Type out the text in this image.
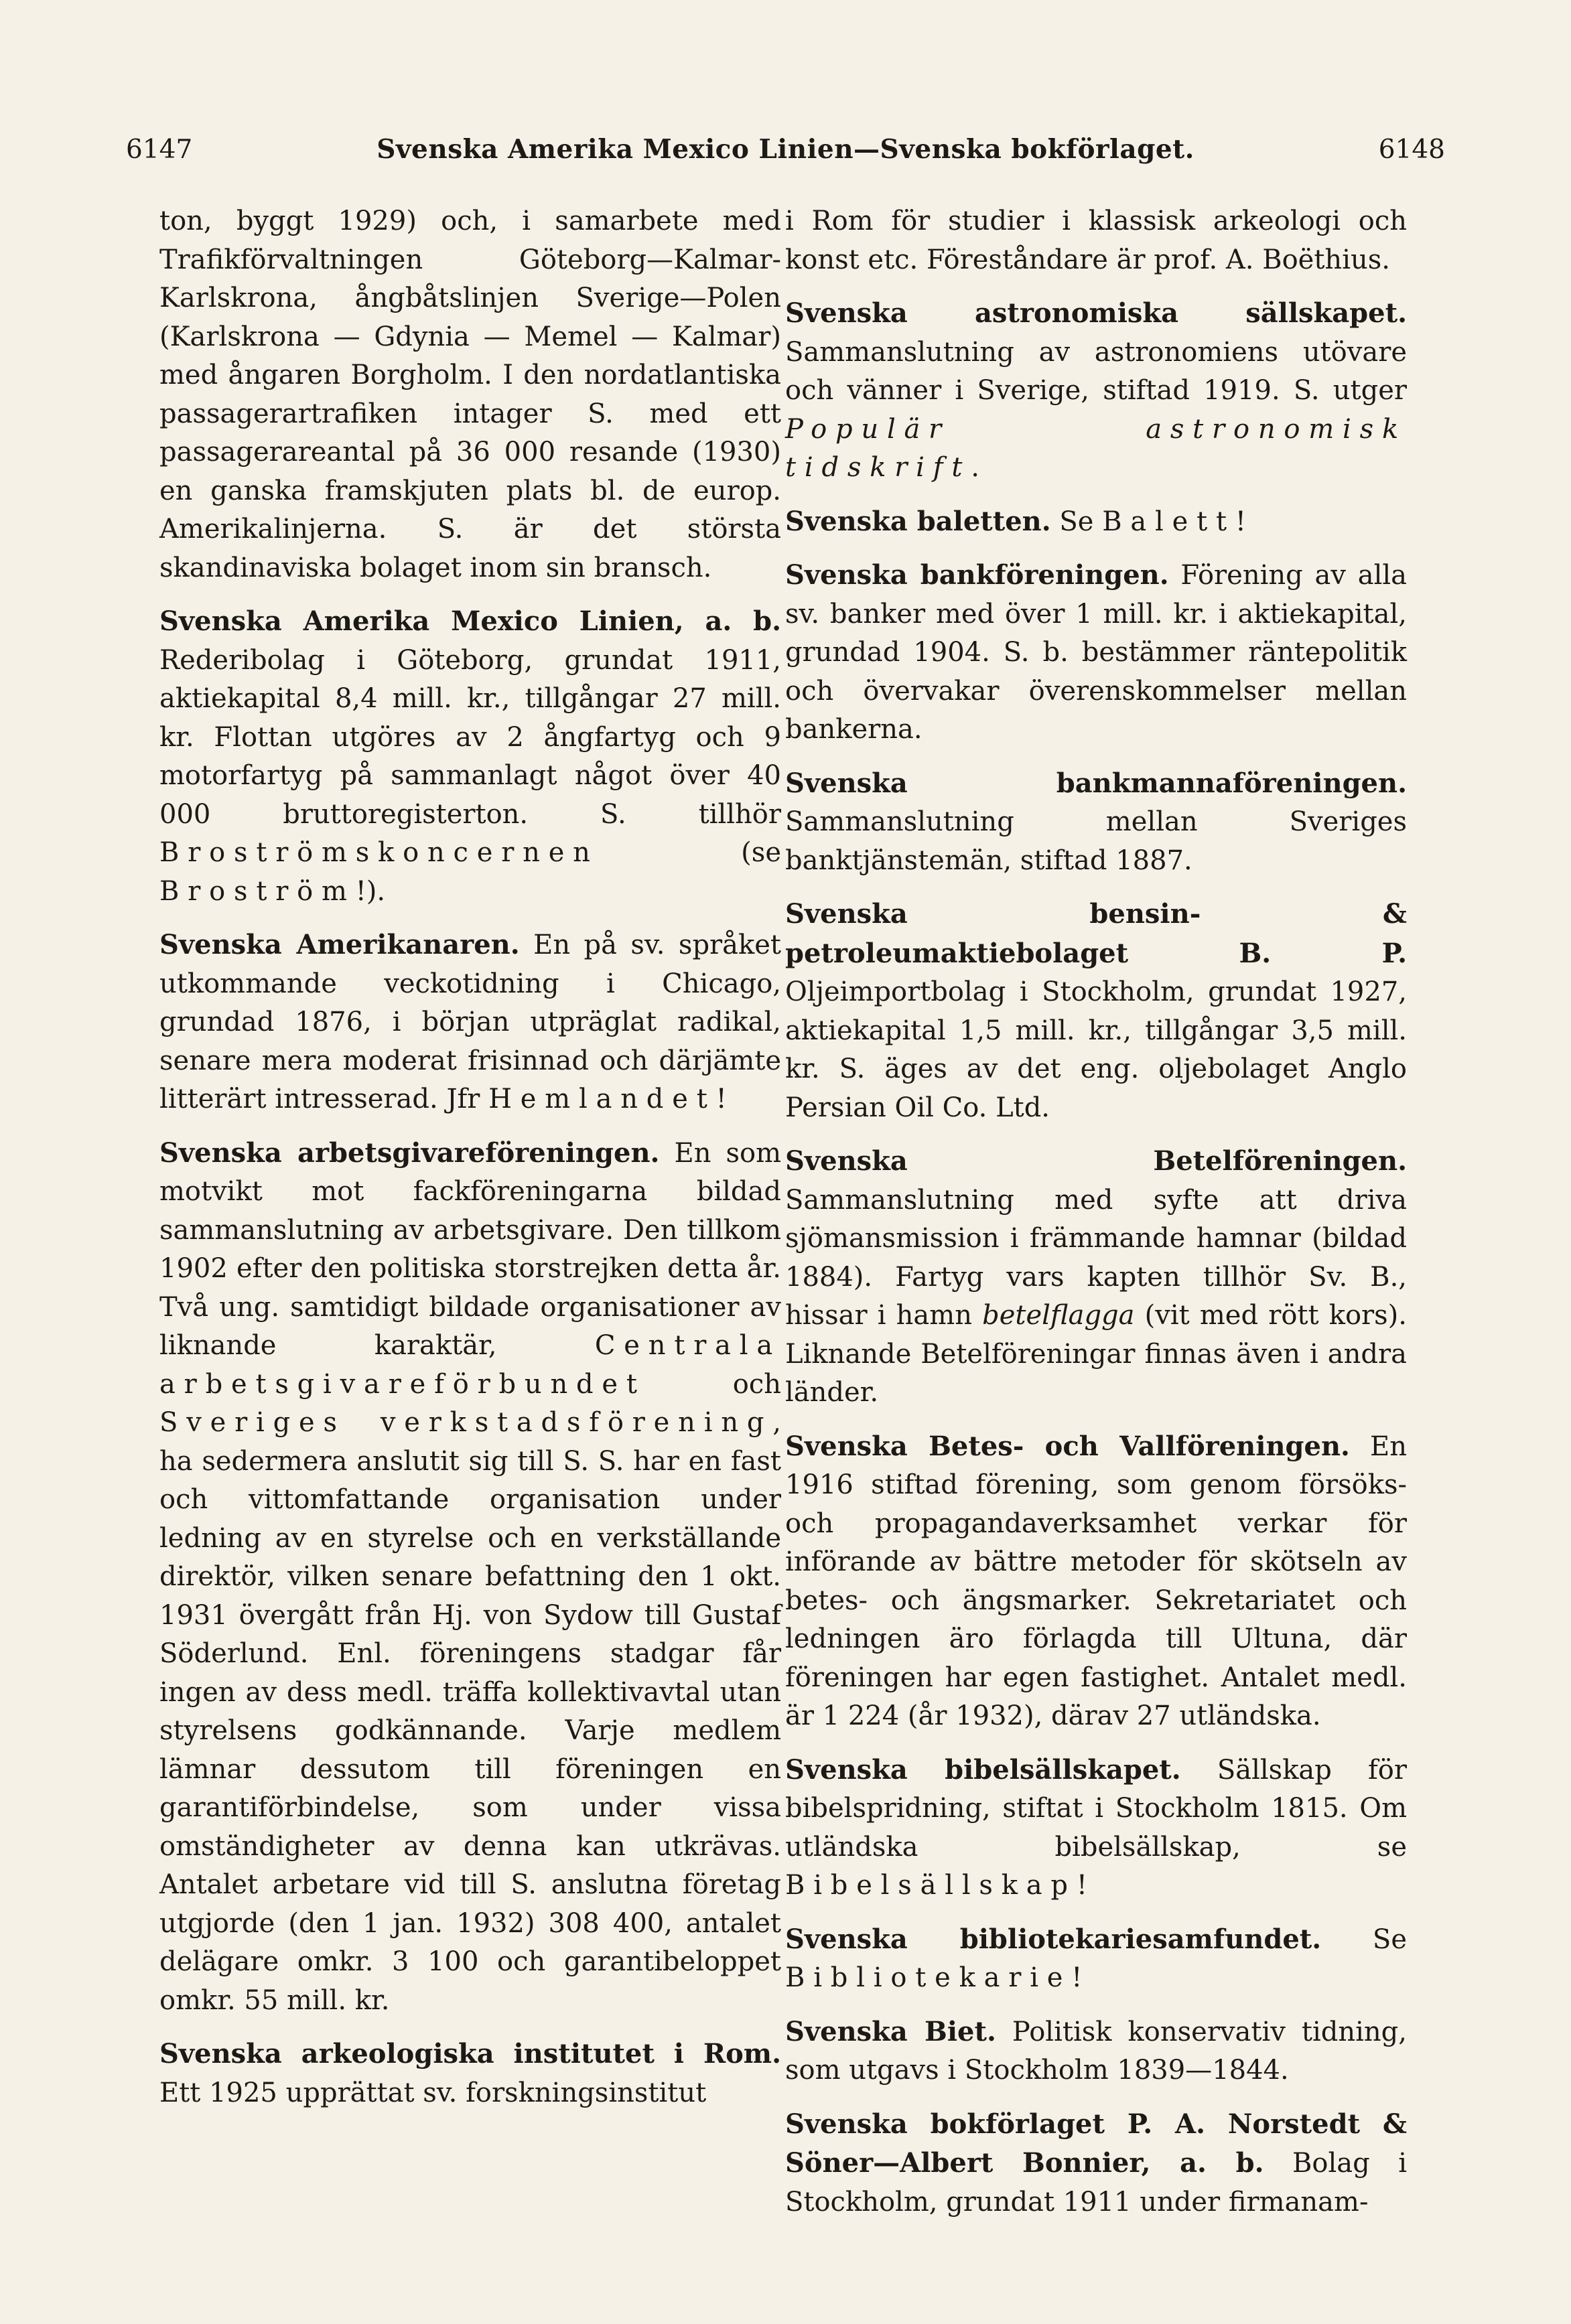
6147	Svenska Amerika Mexico Linien—Svenska bokförlaget.	6148

ton, byggt 1929) och, i samarbete med Trafikförvaltningen Göteborg—Kalmar-Karlskrona, ångbåtslinjen Sverige—Polen (Karlskrona — Gdynia — Memel — Kalmar) med ångaren Borgholm. I den nordatlantiska passagerartrafiken intager S. med ett passagerareantal på 36 000 resande (1930) en ganska framskjuten plats bl. de europ. Amerikalinjerna. S. är det största skandinaviska bolaget inom sin bransch.

Svenska Amerika Mexico Linien, a. b. Rederibolag i Göteborg, grundat 1911, aktiekapital 8,4 mill. kr., tillgångar 27 mill. kr. Flottan utgöres av 2 ångfartyg och 9 motorfartyg på sammanlagt något över 40 000 bruttoregisterton. S. tillhör Broströmskoncernen (se Broström!).

Svenska Amerikanaren. En på sv. språket utkommande veckotidning i Chicago, grundad 1876, i början utpräglat radikal, senare mera moderat frisinnad och därjämte litterärt intresserad. Jfr Hemlandet!

Svenska arbetsgivareföreningen. En som motvikt mot fackföreningarna bildad sammanslutning av arbetsgivare. Den tillkom 1902 efter den politiska storstrejken detta år. Två ung. samtidigt bildade organisationer av liknande karaktär, Centrala arbetsgivareförbundet och Sveriges verkstadsförening, ha sedermera anslutit sig till S. S. har en fast och vittomfattande organisation under ledning av en styrelse och en verkställande direktör, vilken senare befattning den 1 okt. 1931 övergått från Hj. von Sydow till Gustaf Söderlund. Enl. föreningens stadgar får ingen av dess medl. träffa kollektivavtal utan styrelsens godkännande. Varje medlem lämnar dessutom till föreningen en garantiförbindelse, som under vissa omständigheter av denna kan utkrävas. Antalet arbetare vid till S. anslutna företag utgjorde (den 1 jan. 1932) 308 400, antalet delägare omkr. 3 100 och garantibeloppet omkr. 55 mill. kr.

Svenska arkeologiska institutet i Rom. Ett 1925 upprättat sv. forskningsinstitut

i Rom för studier i klassisk arkeologi och konst etc. Föreståndare är prof. A. Boëthius.

Svenska astronomiska sällskapet. Sammanslutning av astronomiens utövare och vänner i Sverige, stiftad 1919. S. utger Populär astronomisk tidskrift.

Svenska baletten. Se Balett!

Svenska bankföreningen. Förening av alla sv. banker med över 1 mill. kr. i aktiekapital, grundad 1904. S. b. bestämmer räntepolitik och övervakar överenskommelser mellan bankerna.

Svenska bankmannaföreningen. Sammanslutning mellan Sveriges banktjänstemän, stiftad 1887.

Svenska bensin- & petroleumaktiebolaget B. P. Oljeimportbolag i Stockholm, grundat 1927, aktiekapital 1,5 mill. kr., tillgångar 3,5 mill. kr. S. äges av det eng. oljebolaget Anglo Persian Oil Co. Ltd.

Svenska Betelföreningen. Sammanslutning med syfte att driva sjömansmission i främmande hamnar (bildad 1884). Fartyg vars kapten tillhör Sv. B., hissar i hamn betelflagga (vit med rött kors). Liknande Betelföreningar finnas även i andra länder.

Svenska Betes- och Vallföreningen. En 1916 stiftad förening, som genom försöks- och propagandaverksamhet verkar för införande av bättre metoder för skötseln av betes- och ängsmarker. Sekretariatet och ledningen äro förlagda till Ultuna, där föreningen har egen fastighet. Antalet medl. är 1 224 (år 1932), därav 27 utländska.

Svenska bibelsällskapet. Sällskap för bibelspridning, stiftat i Stockholm 1815. Om utländska bibelsällskap, se Bibelsällskap!

Svenska bibliotekariesamfundet. Se Bibliotekarie!

Svenska Biet. Politisk konservativ tidning, som utgavs i Stockholm 1839—1844.

Svenska bokförlaget P. A. Norstedt & Söner—Albert Bonnier, a. b. Bolag i Stockholm, grundat 1911 under firmanam-
